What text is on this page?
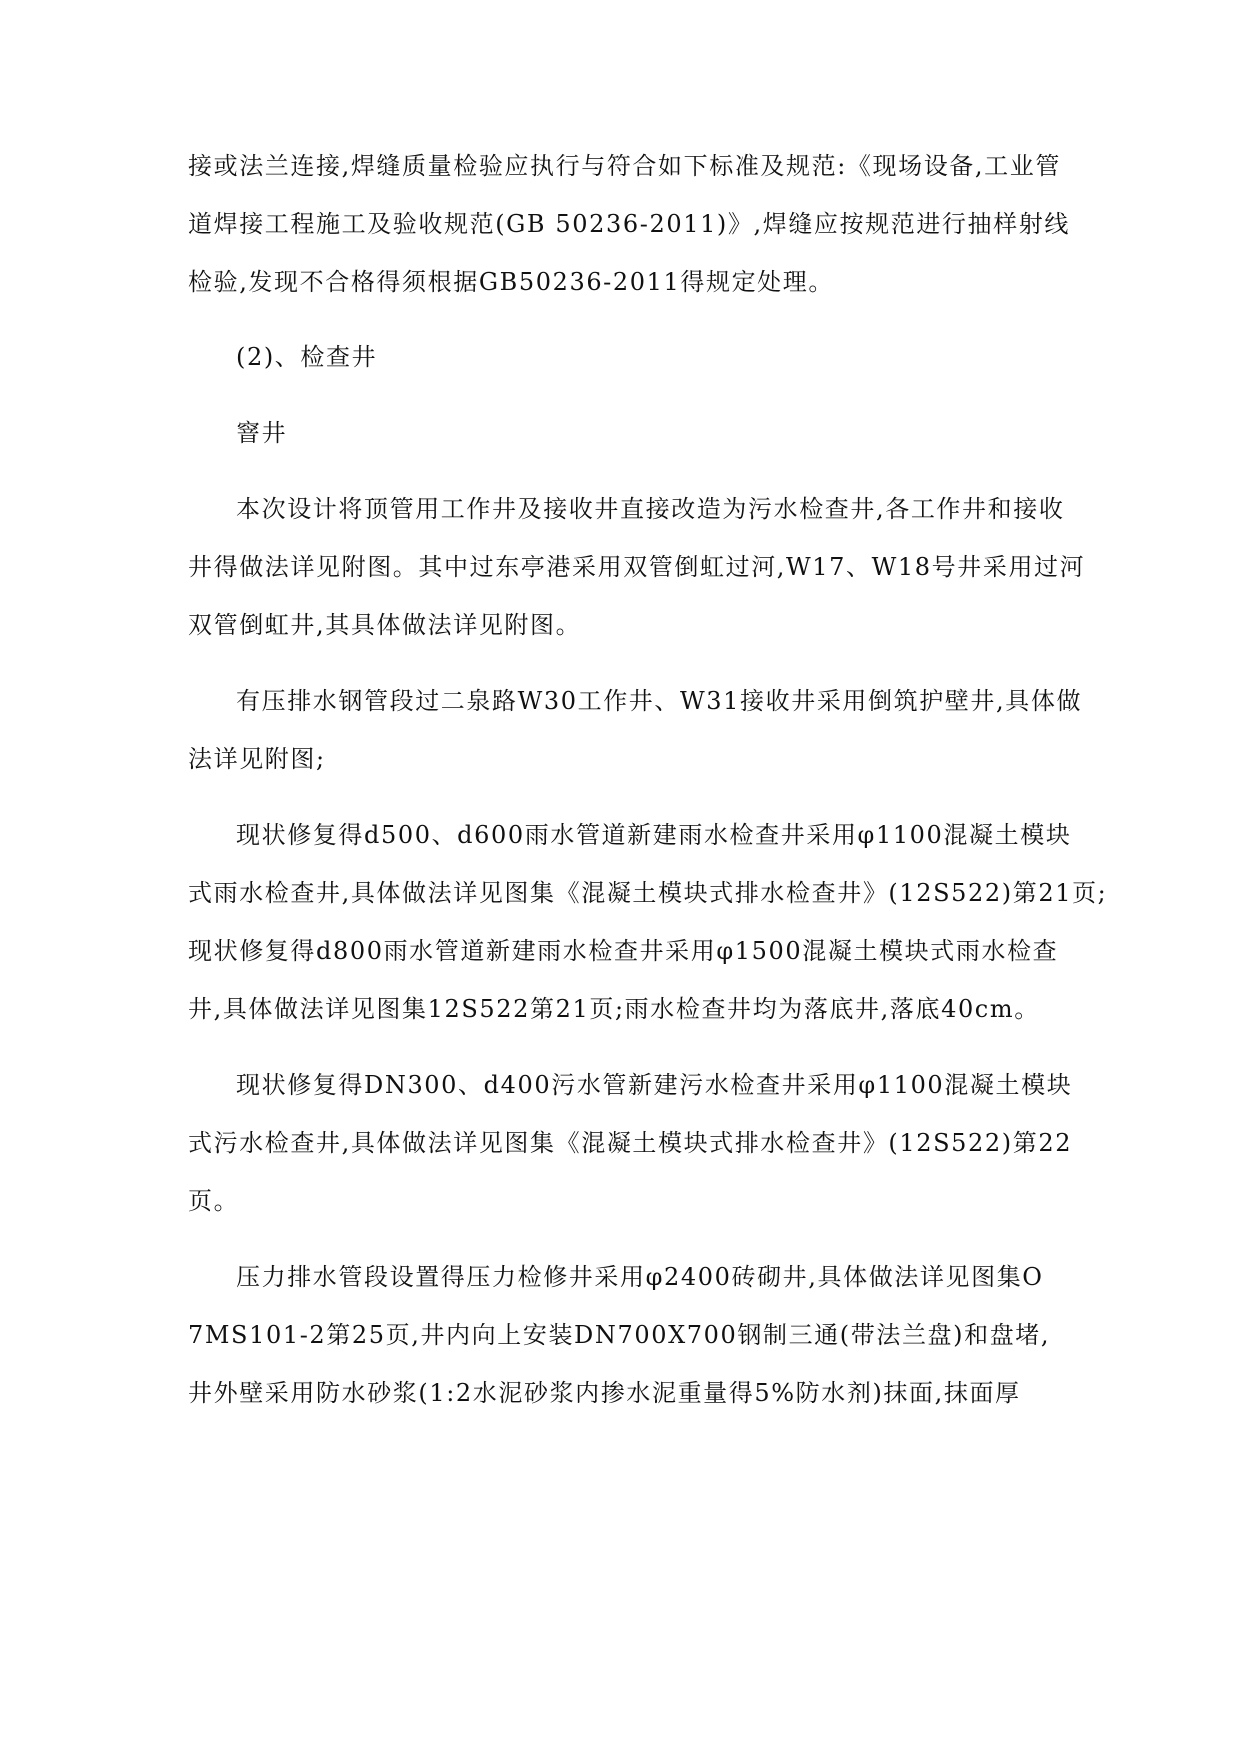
接或法兰连接,焊缝质量检验应执行与符合如下标准及规范:《现场设备,工业管
道焊接工程施工及验收规范(GB 50236-2011)》,焊缝应按规范进行抽样射线
检验,发现不合格得须根据GB50236-2011得规定处理。
(2)、检查井
窨井
本次设计将顶管用工作井及接收井直接改造为污水检查井,各工作井和接收
井得做法详见附图。其中过东亭港采用双管倒虹过河,W17、W18号井采用过河
双管倒虹井,其具体做法详见附图。
有压排水钢管段过二泉路W30工作井、W31接收井采用倒筑护壁井,具体做
法详见附图;
现状修复得d500、d600雨水管道新建雨水检查井采用φ1100混凝土模块
式雨水检查井,具体做法详见图集《混凝土模块式排水检查井》(12S522)第21页;
现状修复得d800雨水管道新建雨水检查井采用φ1500混凝土模块式雨水检查
井,具体做法详见图集12S522第21页;雨水检查井均为落底井,落底40cm。
现状修复得DN300、d400污水管新建污水检查井采用φ1100混凝土模块
式污水检查井,具体做法详见图集《混凝土模块式排水检查井》(12S522)第22
页。
压力排水管段设置得压力检修井采用φ2400砖砌井,具体做法详见图集O
7MS101-2第25页,井内向上安装DN700X700钢制三通(带法兰盘)和盘堵,
井外壁采用防水砂浆(1:2水泥砂浆内掺水泥重量得5%防水剂)抹面,抹面厚
